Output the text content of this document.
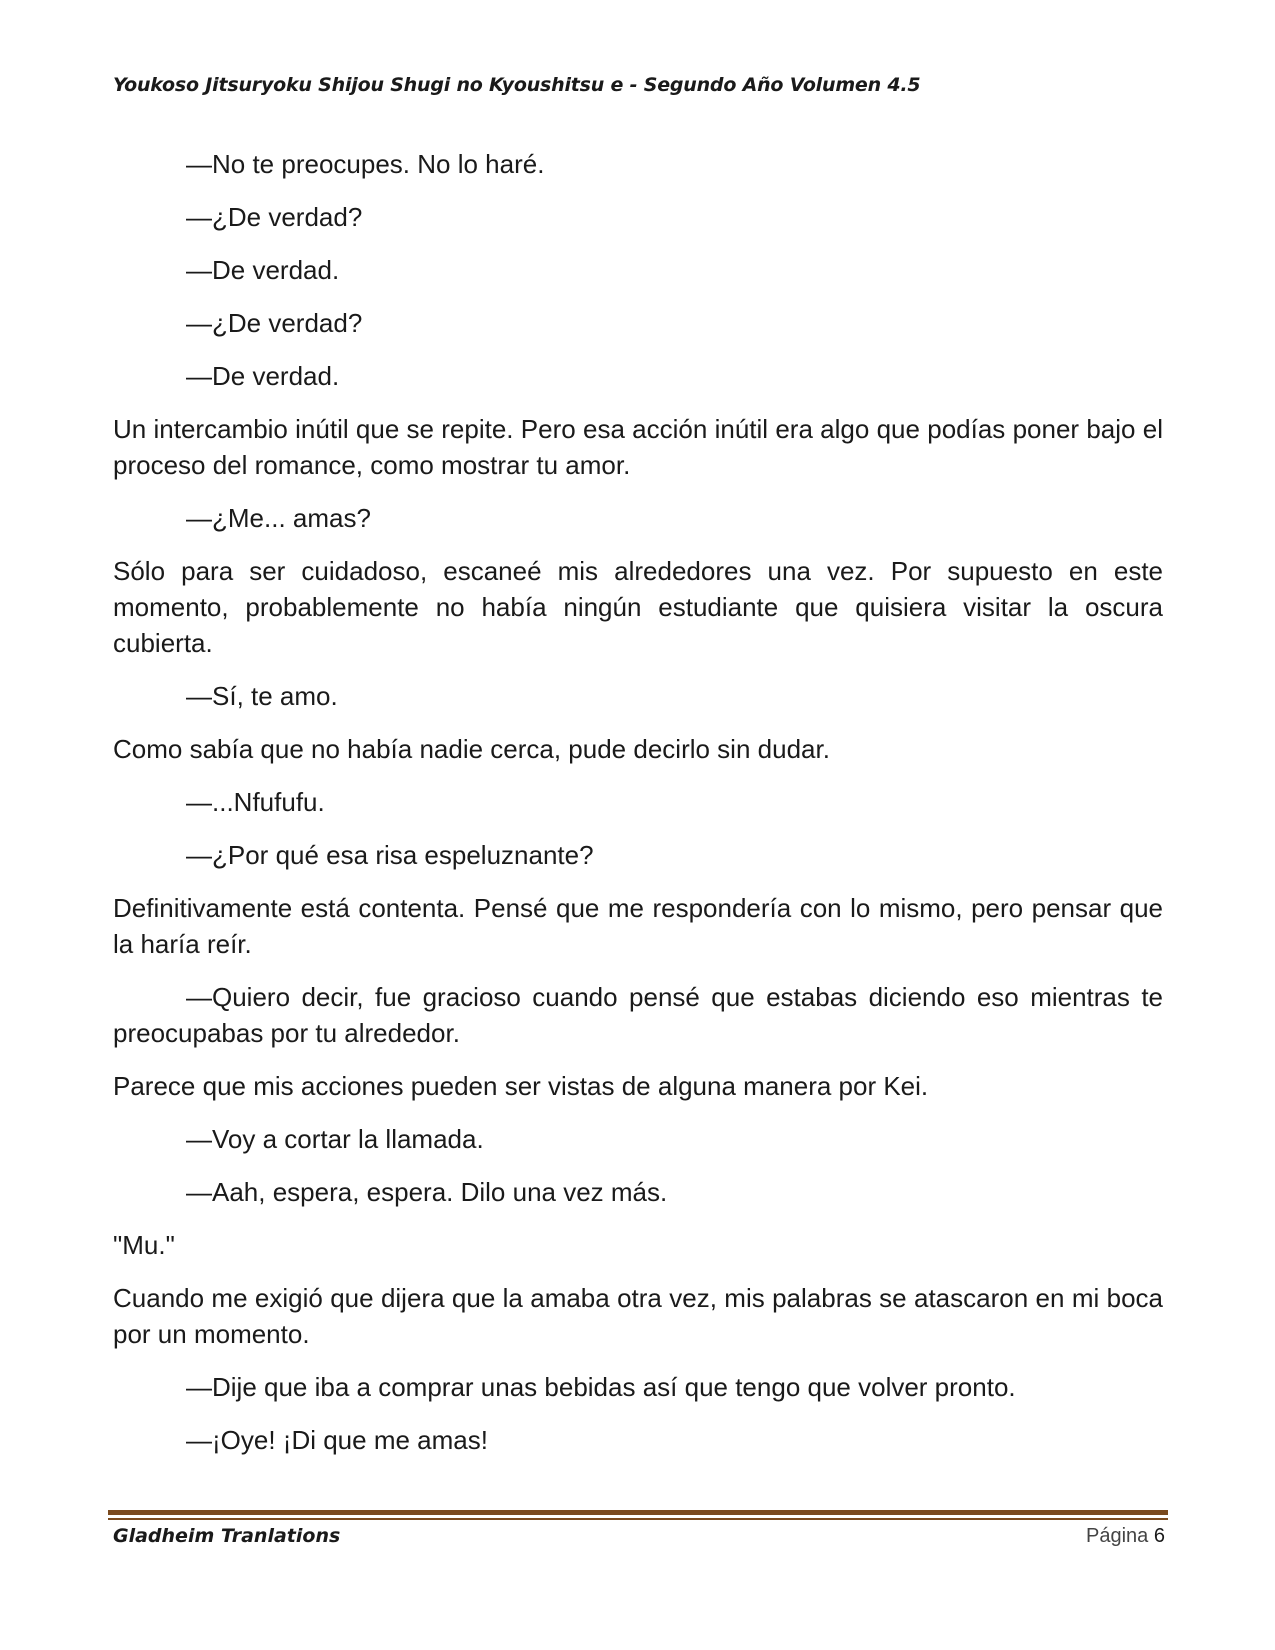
Youkoso Jitsuryoku Shijou Shugi no Kyoushitsu e - Segundo Año Volumen 4.5

—No te preocupes. No lo haré.

—¿De verdad?

—De verdad.

—¿De verdad?

—De verdad.

Un intercambio inútil que se repite. Pero esa acción inútil era algo que podías poner bajo el proceso del romance, como mostrar tu amor.

—¿Me... amas?

Sólo para ser cuidadoso, escaneé mis alrededores una vez. Por supuesto en este momento, probablemente no había ningún estudiante que quisiera visitar la oscura cubierta.

—Sí, te amo.

Como sabía que no había nadie cerca, pude decirlo sin dudar.

—...Nfufufu.

—¿Por qué esa risa espeluznante?

Definitivamente está contenta. Pensé que me respondería con lo mismo, pero pensar que la haría reír.

—Quiero decir, fue gracioso cuando pensé que estabas diciendo eso mientras te preocupabas por tu alrededor.

Parece que mis acciones pueden ser vistas de alguna manera por Kei.

—Voy a cortar la llamada.

—Aah, espera, espera. Dilo una vez más.

"Mu."

Cuando me exigió que dijera que la amaba otra vez, mis palabras se atascaron en mi boca por un momento.

—Dije que iba a comprar unas bebidas así que tengo que volver pronto.

—¡Oye! ¡Di que me amas!

Gladheim Tranlations	Página 6
